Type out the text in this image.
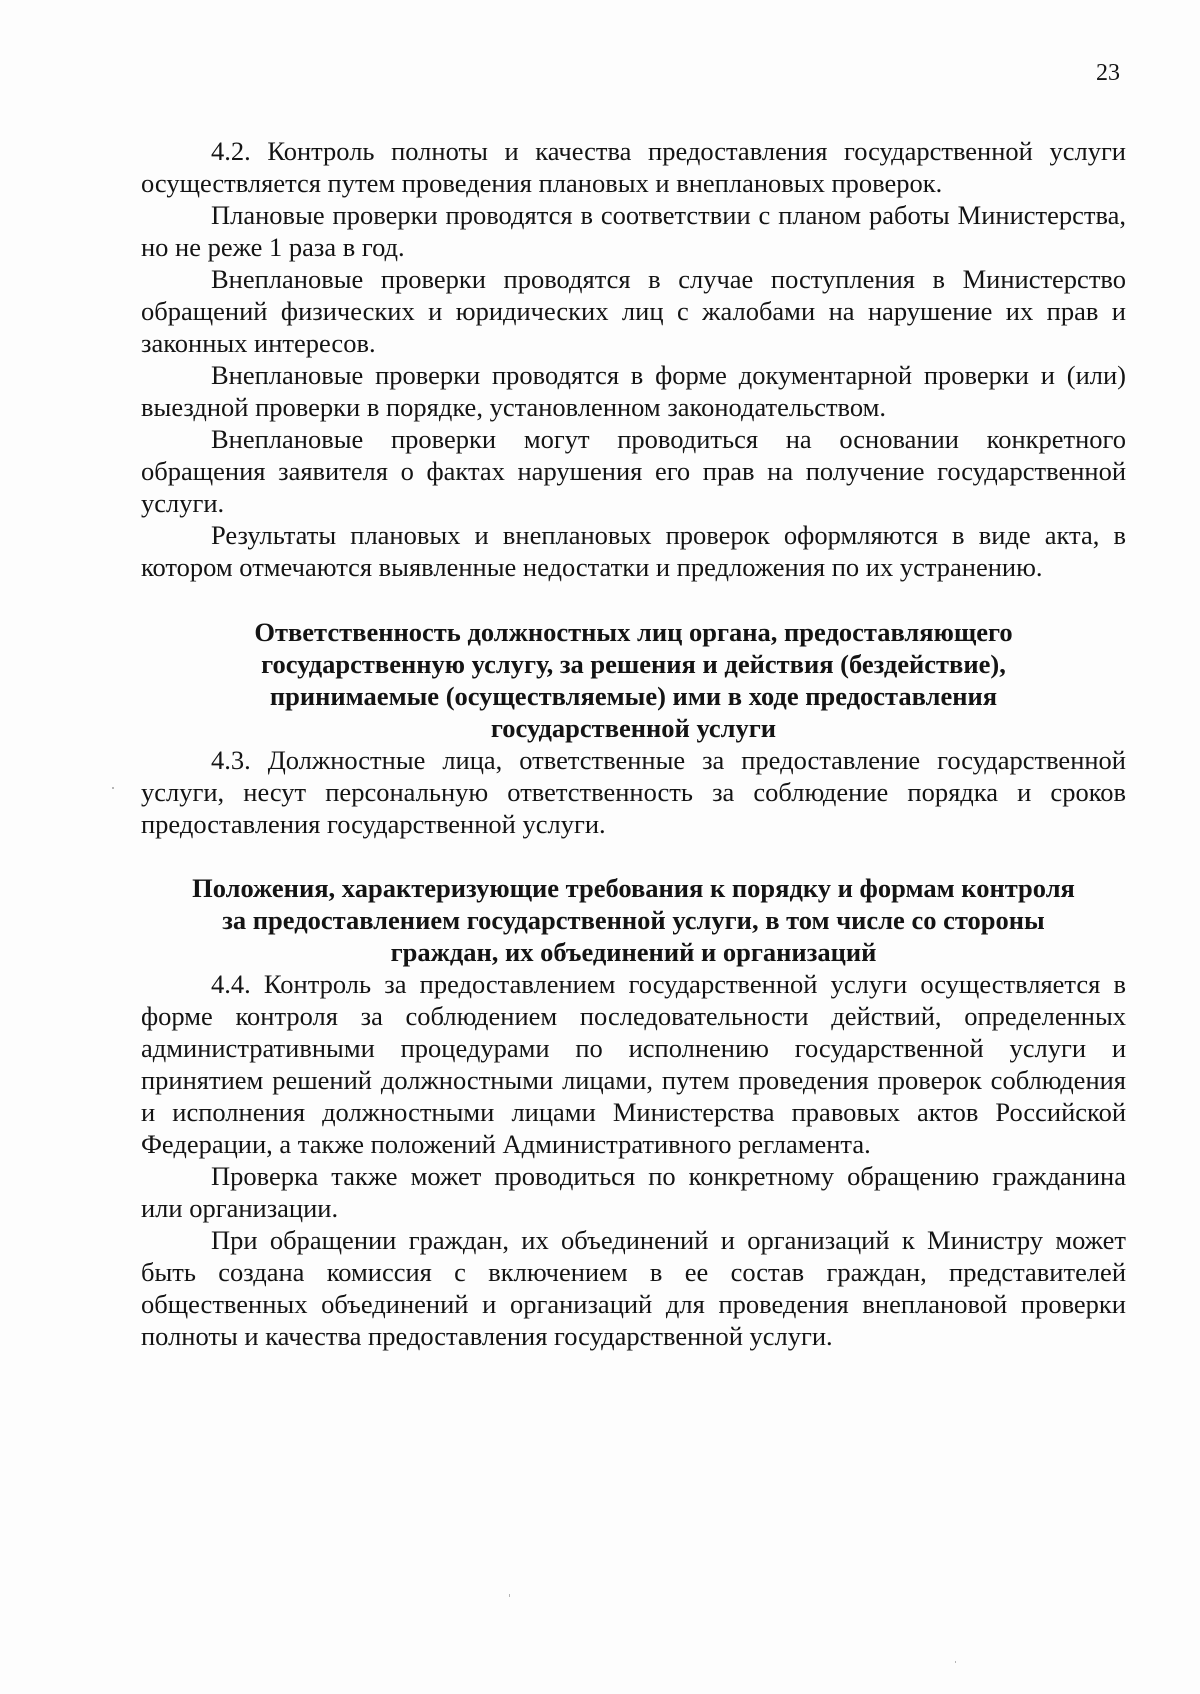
23

4.2. Контроль полноты и качества предоставления государственной услуги осуществляется путем проведения плановых и внеплановых проверок.

Плановые проверки проводятся в соответствии с планом работы Министерства, но не реже 1 раза в год.

Внеплановые проверки проводятся в случае поступления в Министерство обращений физических и юридических лиц с жалобами на нарушение их прав и законных интересов.

Внеплановые проверки проводятся в форме документарной проверки и (или) выездной проверки в порядке, установленном законодательством.

Внеплановые проверки могут проводиться на основании конкретного обращения заявителя о фактах нарушения его прав на получение государственной услуги.

Результаты плановых и внеплановых проверок оформляются в виде акта, в котором отмечаются выявленные недостатки и предложения по их устранению.

Ответственность должностных лиц органа, предоставляющего
государственную услугу, за решения и действия (бездействие),
принимаемые (осуществляемые) ими в ходе предоставления
государственной услуги

4.3. Должностные лица, ответственные за предоставление государственной услуги, несут персональную ответственность за соблюдение порядка и сроков предоставления государственной услуги.

Положения, характеризующие требования к порядку и формам контроля
за предоставлением государственной услуги, в том числе со стороны
граждан, их объединений и организаций

4.4. Контроль за предоставлением государственной услуги осуществляется в форме контроля за соблюдением последовательности действий, определенных административными процедурами по исполнению государственной услуги и принятием решений должностными лицами, путем проведения проверок соблюдения и исполнения должностными лицами Министерства правовых актов Российской Федерации, а также положений Административного регламента.

Проверка также может проводиться по конкретному обращению гражданина или организации.

При обращении граждан, их объединений и организаций к Министру может быть создана комиссия с включением в ее состав граждан, представителей общественных объединений и организаций для проведения внеплановой проверки полноты и качества предоставления государственной услуги.
